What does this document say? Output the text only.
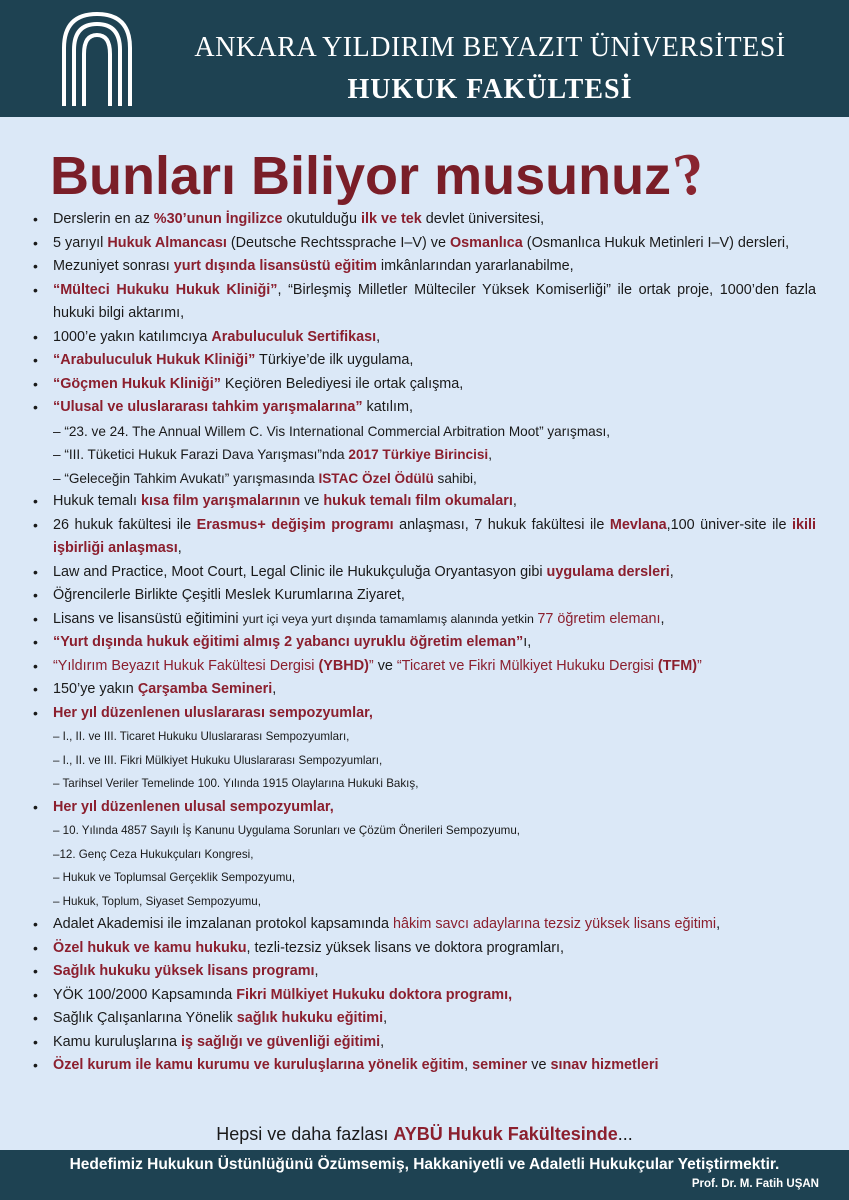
ANKARA YILDIRIM BEYAZIT ÜNİVERSİTESİ
HUKUK FAKÜLTESİ
Bunları Biliyor musunuz?
• Derslerin en az %30’unun İngilizce okutulduğu ilk ve tek devlet üniversitesi,
• 5 yarıyıl Hukuk Almancası (Deutsche Rechtssprache I–V) ve Osmanlıca (Osmanlıca Hukuk Metinleri I–V) dersleri,
• Mezuniyet sonrası yurt dışında lisansüstü eğitim imkânlarından yararlanabilme,
• “Mülteci Hukuku Hukuk Kliniği”, “Birleşmiş Milletler Mülteciler Yüksek Komiserliği” ile ortak proje, 1000’den fazla hukuki bilgi aktarımı,
• 1000’e yakın katılımcıya Arabuluculuk Sertifikası,
• “Arabuluculuk Hukuk Kliniği” Türkiye’de ilk uygulama,
• “Göçmen Hukuk Kliniği” Keçiören Belediyesi ile ortak çalışma,
• “Ulusal ve uluslararası tahkim yarışmalarına” katılım,
– “23. ve 24. The Annual Willem C. Vis International Commercial Arbitration Moot” yarışması,
– “III. Tüketici Hukuk Farazi Dava Yarışması”nda 2017 Türkiye Birincisi,
– “Geleceğin Tahkim Avukatı” yarışmasında ISTAC Özel Ödülü sahibi,
• Hukuk temalı kısa film yarışmalarının ve hukuk temalı film okumaları,
• 26 hukuk fakültesi ile Erasmus+ değişim programı anlaşması, 7 hukuk fakültesi ile Mevlana,100 üniver-site ile ikili işbirliği anlaşması,
• Law and Practice, Moot Court, Legal Clinic ile Hukukçuluğa Oryantasyon gibi uygulama dersleri,
• Öğrencilerle Birlikte Çeşitli Meslek Kurumlarına Ziyaret,
• Lisans ve lisansüstü eğitimini yurt içi veya yurt dışında tamamlamış alanında yetkin 77 öğretim elemanı,
• “Yurt dışında hukuk eğitimi almış 2 yabancı uyruklu öğretim eleman”ı,
• “Yıldırım Beyazıt Hukuk Fakültesi Dergisi (YBHD)” ve “Ticaret ve Fikri Mülkiyet Hukuku Dergisi (TFM)”
• 150’ye yakın Çarşamba Semineri,
• Her yıl düzenlenen uluslararası sempozyumlar,
– I., II. ve III. Ticaret Hukuku Uluslararası Sempozyumları,
– I., II. ve III. Fikri Mülkiyet Hukuku Uluslararası Sempozyumları,
– Tarihsel Veriler Temelinde 100. Yılında 1915 Olaylarına Hukuki Bakış,
• Her yıl düzenlenen ulusal sempozyumlar,
– 10. Yılında 4857 Sayılı İş Kanunu Uygulama Sorunları ve Çözüm Önerileri Sempozyumu,
–12. Genç Ceza Hukukçuları Kongresi,
– Hukuk ve Toplumsal Gerçeklik Sempozyumu,
– Hukuk, Toplum, Siyaset Sempozyumu,
• Adalet Akademisi ile imzalanan protokol kapsamında hâkim savcı adaylarına tezsiz yüksek lisans eğitimi,
• Özel hukuk ve kamu hukuku, tezli-tezsiz yüksek lisans ve doktora programları,
• Sağlık hukuku yüksek lisans programı,
• YÖK 100/2000 Kapsamında Fikri Mülkiyet Hukuku doktora programı,
• Sağlık Çalışanlarına Yönelik sağlık hukuku eğitimi,
• Kamu kuruluşlarına iş sağlığı ve güvenliği eğitimi,
• Özel kurum ile kamu kurumu ve kuruluşlarına yönelik eğitim, seminer ve sınav hizmetleri
Hepsi ve daha fazlası AYBÜ Hukuk Fakültesinde...
Hedefimiz Hukukun Üstünlüğünü Özümsemiş, Hakkaniyetli ve Adaletli Hukukçular Yetiştirmektir.
Prof. Dr. M. Fatih UŞAN
